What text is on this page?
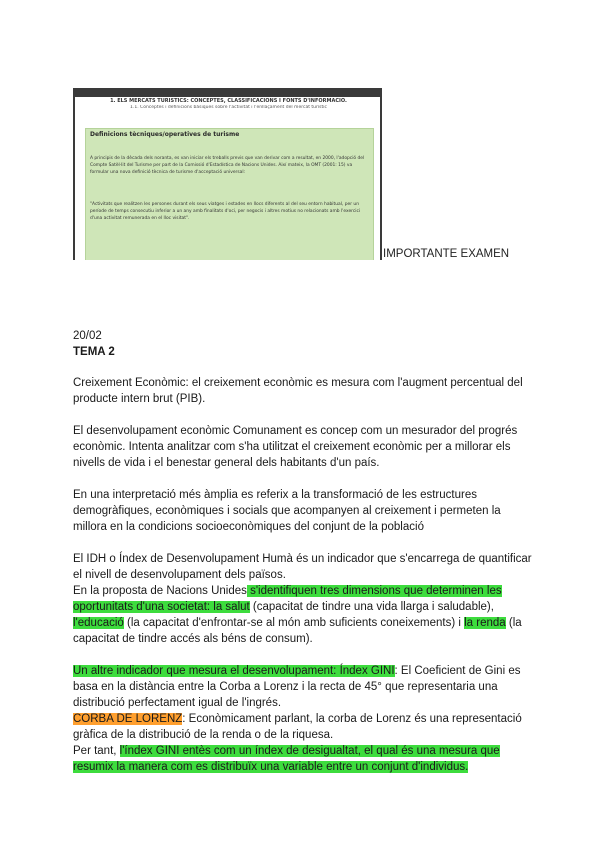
1. ELS MERCATS TURÍSTICS: CONCEPTES, CLASSIFICACIONS I FONTS D'INFORMACIÓ.
1.1. Conceptes i definicions bàsiques sobre l'activitat i l'enllaçament del mercat turístic
Definicions tècniques/operatives de turisme
A principis de la dècada dels noranta, es van iniciar els treballs previs que van derivar com a resultat, en 2000, l'adopció del Compte Satèl·lit del Turisme per part de la Comissió d'Estadística de Nacions Unides. Així mateix, la OMT (2001: 15) va formular una nova definició tècnica de turisme d'acceptació universal:
"Activitats que realitzen les persones durant els seus viatges i estades en llocs diferents al del seu entorn habitual, per un període de temps consecutiu inferior a un any amb finalitats d'oci, per negocis i altres motius no relacionats amb l'exercici d'una activitat remunerada en el lloc visitat".
IMPORTANTE EXAMEN
20/02
TEMA 2
Creixement Econòmic: el creixement econòmic es mesura com l'augment percentual del producte intern brut (PIB).
El desenvolupament econòmic Comunament es concep com un mesurador del progrés econòmic. Intenta analitzar com s'ha utilitzat el creixement econòmic per a millorar els nivells de vida i el benestar general dels habitants d'un país.
En una interpretació més àmplia es referix a la transformació de les estructures demogràfiques, econòmiques i socials que acompanyen al creixement i permeten la millora en la condicions socioeconòmiques del conjunt de la població
El IDH o Índex de Desenvolupament Humà és un indicador que s'encarrega de quantificar el nivell de desenvolupament dels països.
En la proposta de Nacions Unides s'identifiquen tres dimensions que determinen les oportunitats d'una societat: la salut (capacitat de tindre una vida llarga i saludable), l'educació (la capacitat d'enfrontar-se al món amb suficients coneixements) i la renda (la capacitat de tindre accés als béns de consum).
Un altre indicador que mesura el desenvolupament: Índex GINI: El Coeficient de Gini es basa en la distància entre la Corba a Lorenz i la recta de 45° que representaria una distribució perfectament igual de l'ingrés.
CORBA DE LORENZ: Econòmicament parlant, la corba de Lorenz és una representació gràfica de la distribució de la renda o de la riquesa.
Per tant, l'índex GINI entès com un índex de desigualtat, el qual és una mesura que resumix la manera com es distribuïx una variable entre un conjunt d'individus.
